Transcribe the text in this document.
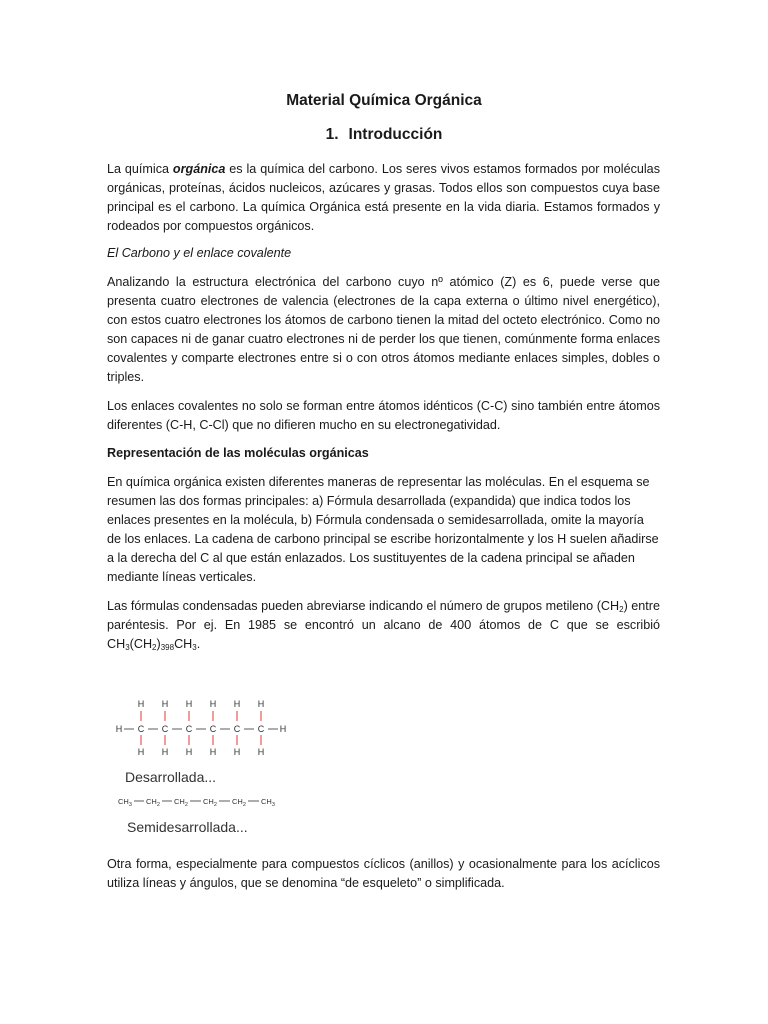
Material Química Orgánica
1. Introducción

La química orgánica es la química del carbono. Los seres vivos estamos formados por moléculas orgánicas, proteínas, ácidos nucleicos, azúcares y grasas. Todos ellos son compuestos cuya base principal es el carbono. La química Orgánica está presente en la vida diaria. Estamos formados y rodeados por compuestos orgánicos.

El Carbono y el enlace covalente

Analizando la estructura electrónica del carbono cuyo nº atómico (Z) es 6, puede verse que presenta cuatro electrones de valencia (electrones de la capa externa o último nivel energético), con estos cuatro electrones los átomos de carbono tienen la mitad del octeto electrónico. Como no son capaces ni de ganar cuatro electrones ni de perder los que tienen, comúnmente forma enlaces covalentes y comparte electrones entre si o con otros átomos mediante enlaces simples, dobles o triples.

Los enlaces covalentes no solo se forman entre átomos idénticos (C-C) sino también entre átomos diferentes (C-H, C-Cl) que no difieren mucho en su electronegatividad.

Representación de las moléculas orgánicas

En química orgánica existen diferentes maneras de representar las moléculas. En el esquema se resumen las dos formas principales: a) Fórmula desarrollada (expandida) que indica todos los enlaces presentes en la molécula, b) Fórmula condensada o semidesarrollada, omite la mayoría de los enlaces. La cadena de carbono principal se escribe horizontalmente y los H suelen añadirse a la derecha del C al que están enlazados. Los sustituyentes de la cadena principal se añaden mediante líneas verticales.

Las fórmulas condensadas pueden abreviarse indicando el número de grupos metileno $(CH_2)$ entre paréntesis. Por ej. En 1985 se encontró un alcano de 400 átomos de C que se escribió $CH_3(CH_2)_{398}CH_3$.

H
H
C
H
H
C
H
H
C
H
H
C
H
H
C
H
H
C
H
H
Desarrollada...
$CH_3$ $CH_2$ $CH_2$ $CH_2$ $CH_2$ $CH_3$
Semidesarrollada...

Otra forma, especialmente para compuestos cíclicos (anillos) y ocasionalmente para los acíclicos utiliza líneas y ángulos, que se denomina “de esqueleto” o simplificada.
